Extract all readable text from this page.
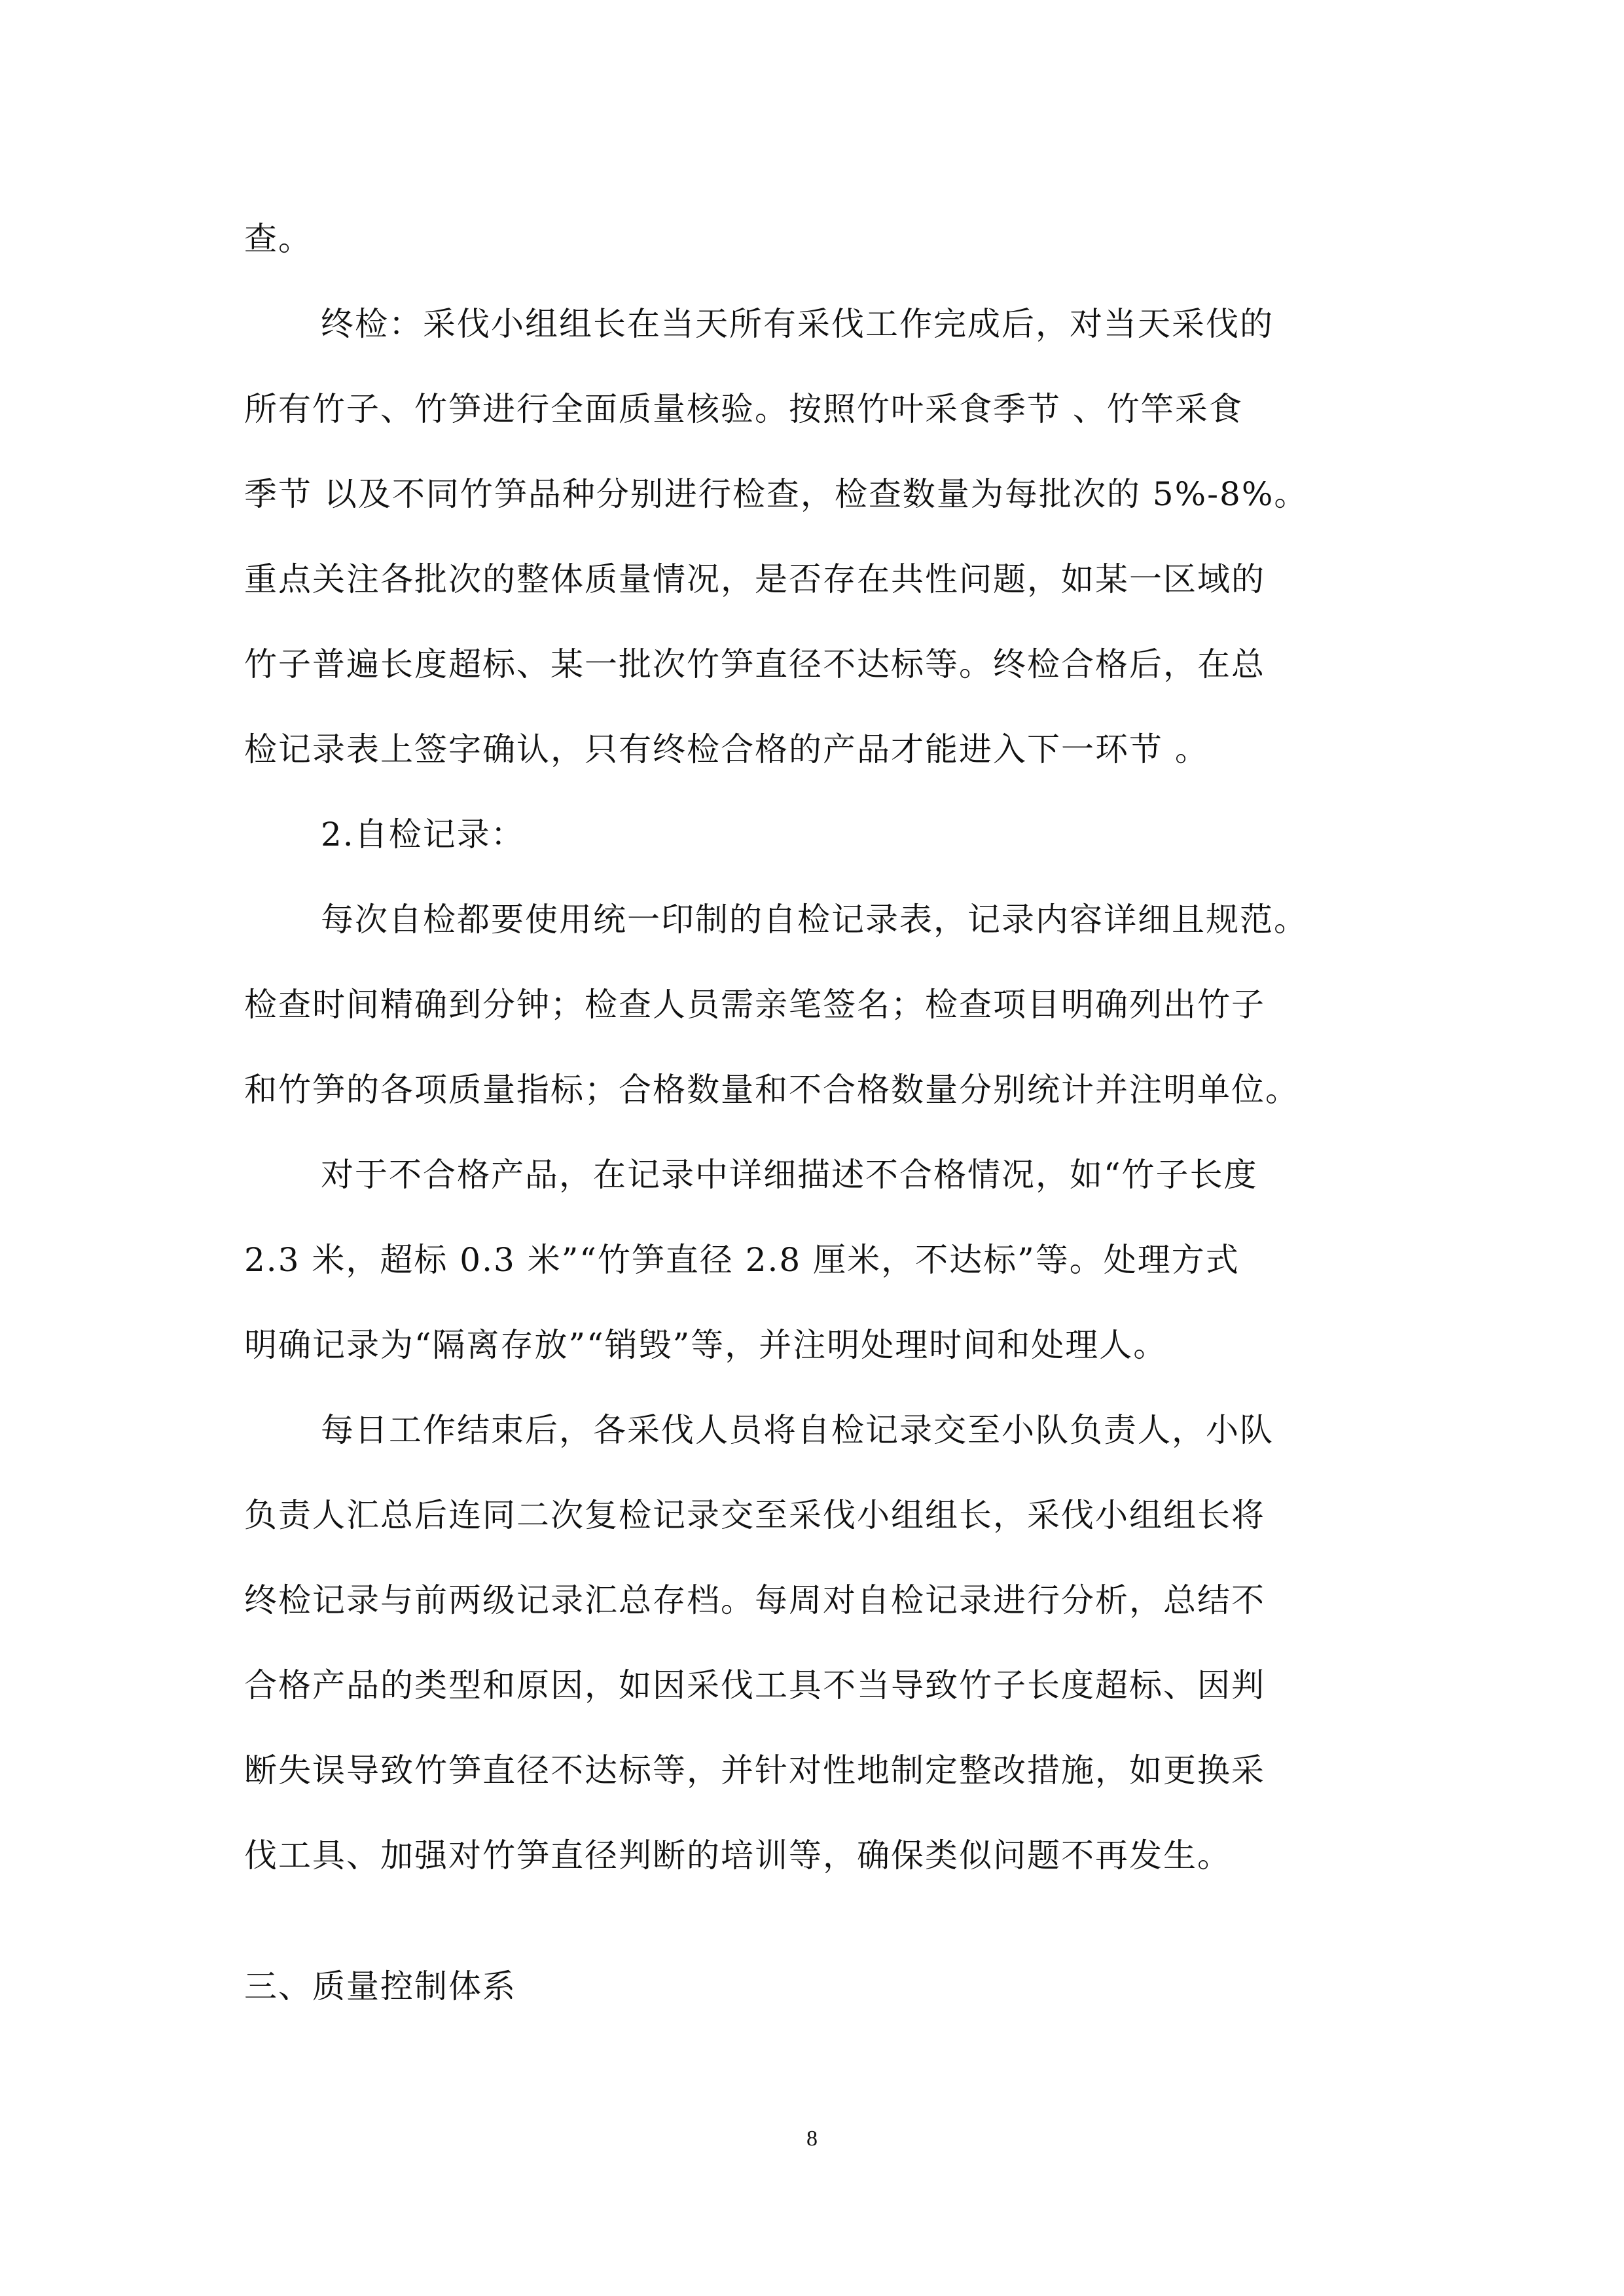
查。

终检：采伐小组组长在当天所有采伐工作完成后，对当天采伐的

所有竹子、竹笋进行全面质量核验。按照竹叶采食季节 、竹竿采食

季节 以及不同竹笋品种分别进行检查，检查数量为每批次的 5%-8%。

重点关注各批次的整体质量情况，是否存在共性问题，如某一区域的

竹子普遍长度超标、某一批次竹笋直径不达标等。终检合格后，在总

检记录表上签字确认，只有终检合格的产品才能进入下一环节 。

2.自检记录：

每次自检都要使用统一印制的自检记录表，记录内容详细且规范。

检查时间精确到分钟；检查人员需亲笔签名；检查项目明确列出竹子

和竹笋的各项质量指标；合格数量和不合格数量分别统计并注明单位。

对于不合格产品，在记录中详细描述不合格情况，如“竹子长度

2.3 米，超标 0.3 米”“竹笋直径 2.8 厘米，不达标”等。处理方式

明确记录为“隔离存放”“销毁”等，并注明处理时间和处理人。

每日工作结束后，各采伐人员将自检记录交至小队负责人，小队

负责人汇总后连同二次复检记录交至采伐小组组长，采伐小组组长将

终检记录与前两级记录汇总存档。每周对自检记录进行分析，总结不

合格产品的类型和原因，如因采伐工具不当导致竹子长度超标、因判

断失误导致竹笋直径不达标等，并针对性地制定整改措施，如更换采

伐工具、加强对竹笋直径判断的培训等，确保类似问题不再发生。

三、质量控制体系

8
